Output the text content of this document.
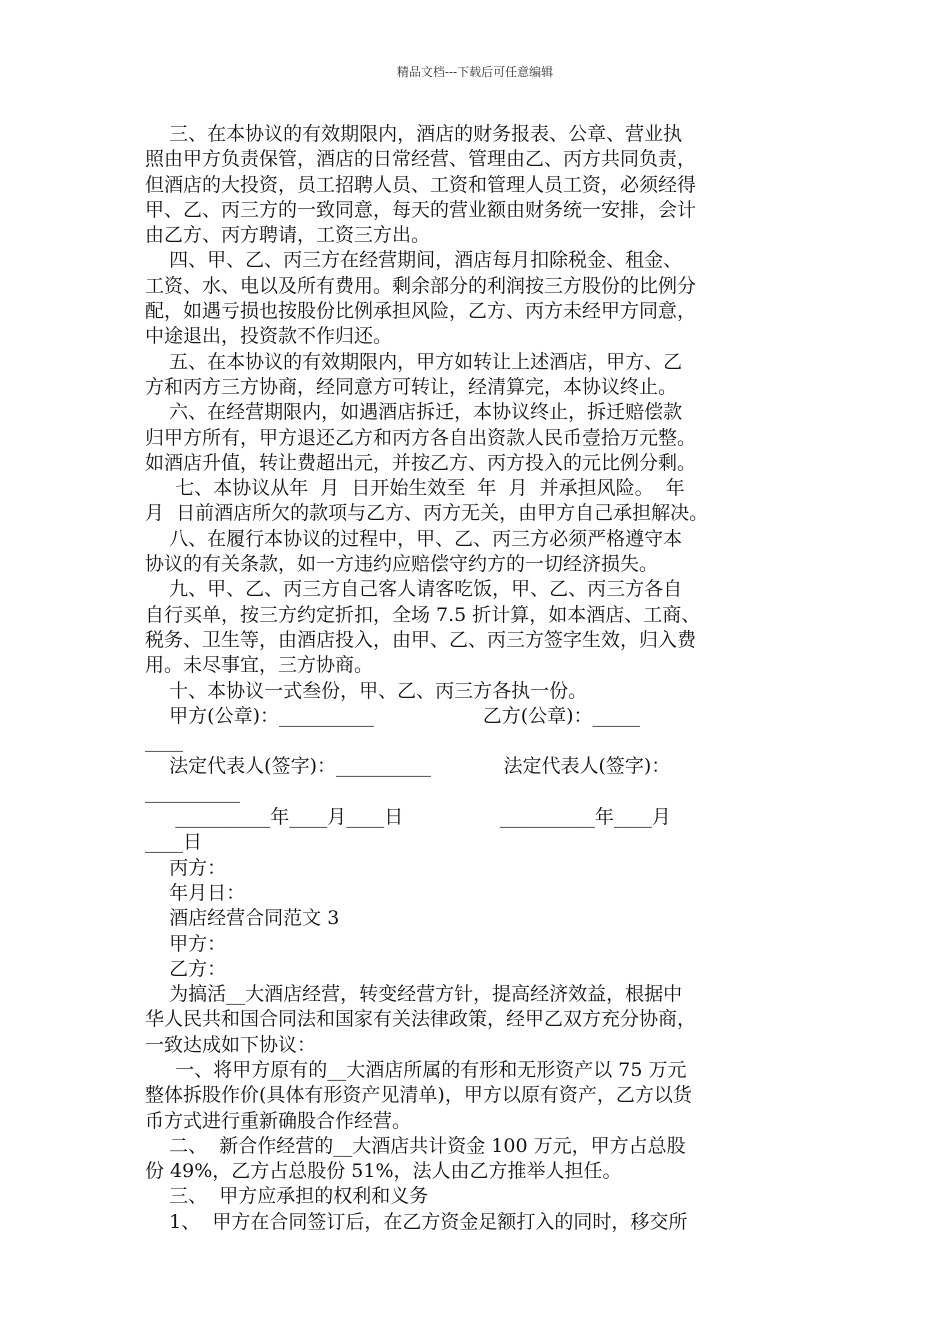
精品文档---下载后可任意编辑
三、在本协议的有效期限内，酒店的财务报表、公章、营业执
照由甲方负责保管，酒店的日常经营、管理由乙、丙方共同负责，
但酒店的大投资，员工招聘人员、工资和管理人员工资，必须经得
甲、乙、丙三方的一致同意，每天的营业额由财务统一安排，会计
由乙方、丙方聘请，工资三方出。
四、甲、乙、丙三方在经营期间，酒店每月扣除税金、租金、
工资、水、电以及所有费用。剩余部分的利润按三方股份的比例分
配，如遇亏损也按股份比例承担风险，乙方、丙方未经甲方同意，
中途退出，投资款不作归还。
五、在本协议的有效期限内，甲方如转让上述酒店，甲方、乙
方和丙方三方协商，经同意方可转让，经清算完，本协议终止。
六、在经营期限内，如遇酒店拆迁，本协议终止，拆迁赔偿款
归甲方所有，甲方退还乙方和丙方各自出资款人民币壹拾万元整。
如酒店升值，转让费超出元，并按乙方、丙方投入的元比例分剩。
七、本协议从年  月  日开始生效至  年  月  并承担风险。  年
月  日前酒店所欠的款项与乙方、丙方无关，由甲方自己承担解决。
八、在履行本协议的过程中，甲、乙、丙三方必须严格遵守本
协议的有关条款，如一方违约应赔偿守约方的一切经济损失。
九、甲、乙、丙三方自己客人请客吃饭，甲、乙、丙三方各自
自行买单，按三方约定折扣，全场 7.5 折计算，如本酒店、工商、
税务、卫生等，由酒店投入，由甲、乙、丙三方签字生效，归入费
用。未尽事宜，三方协商。
十、本协议一式叁份，甲、乙、丙三方各执一份。
甲方(公章)：__________                  乙方(公章)：_____
____
法定代表人(签字)：__________            法定代表人(签字)：
__________
__________年____月____日                __________年____月
____日
丙方：
年月日：
酒店经营合同范文 3
甲方：
乙方：
为搞活__大酒店经营，转变经营方针，提高经济效益，根据中
华人民共和国合同法和国家有关法律政策，经甲乙双方充分协商，
一致达成如下协议：
一、将甲方原有的__大酒店所属的有形和无形资产以 75 万元
整体拆股作价(具体有形资产见清单)，甲方以原有资产，乙方以货
币方式进行重新确股合作经营。
二、  新合作经营的__大酒店共计资金 100 万元，甲方占总股
份 49%，乙方占总股份 51%，法人由乙方推举人担任。
三、  甲方应承担的权利和义务
1、  甲方在合同签订后，在乙方资金足额打入的同时，移交所
